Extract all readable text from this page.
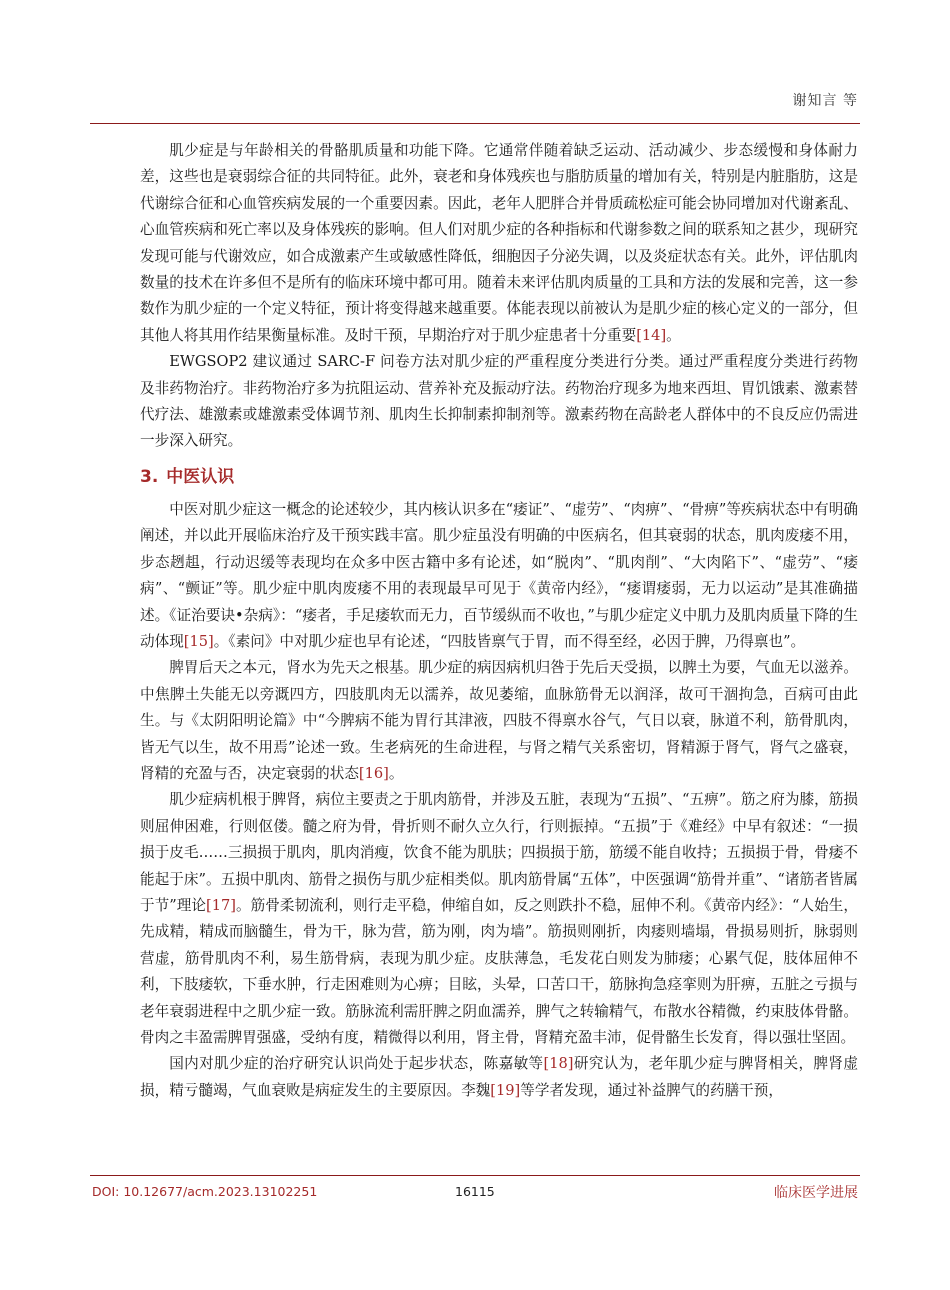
谢知言 等

肌少症是与年龄相关的骨骼肌质量和功能下降。它通常伴随着缺乏运动、活动减少、步态缓慢和身体耐力差，这些也是衰弱综合征的共同特征。此外，衰老和身体残疾也与脂肪质量的增加有关，特别是内脏脂肪，这是代谢综合征和心血管疾病发展的一个重要因素。因此，老年人肥胖合并骨质疏松症可能会协同增加对代谢紊乱、心血管疾病和死亡率以及身体残疾的影响。但人们对肌少症的各种指标和代谢参数之间的联系知之甚少，现研究发现可能与代谢效应，如合成激素产生或敏感性降低，细胞因子分泌失调，以及炎症状态有关。此外，评估肌肉数量的技术在许多但不是所有的临床环境中都可用。随着未来评估肌肉质量的工具和方法的发展和完善，这一参数作为肌少症的一个定义特征，预计将变得越来越重要。体能表现以前被认为是肌少症的核心定义的一部分，但其他人将其用作结果衡量标准。及时干预，早期治疗对于肌少症患者十分重要[14]。

EWGSOP2 建议通过 SARC-F 问卷方法对肌少症的严重程度分类进行分类。通过严重程度分类进行药物及非药物治疗。非药物治疗多为抗阻运动、营养补充及振动疗法。药物治疗现多为地来西坦、胃饥饿素、激素替代疗法、雄激素或雄激素受体调节剂、肌肉生长抑制素抑制剂等。激素药物在高龄老人群体中的不良反应仍需进一步深入研究。

3. 中医认识

中医对肌少症这一概念的论述较少，其内核认识多在“痿证”、“虚劳”、“肉痹”、“骨痹”等疾病状态中有明确阐述，并以此开展临床治疗及干预实践丰富。肌少症虽没有明确的中医病名，但其衰弱的状态，肌肉废痿不用，步态趔趄，行动迟缓等表现均在众多中医古籍中多有论述，如“脱肉”、“肌肉削”、“大肉陷下”、“虚劳”、“痿病”、“颤证”等。肌少症中肌肉废痿不用的表现最早可见于《黄帝内经》，“痿谓痿弱，无力以运动”是其准确描述。《证治要诀•杂病》：“痿者，手足痿软而无力，百节缓纵而不收也，”与肌少症定义中肌力及肌肉质量下降的生动体现[15]。《素问》中对肌少症也早有论述，“四肢皆禀气于胃，而不得至经，必因于脾，乃得禀也”。

脾胃后天之本元，肾水为先天之根基。肌少症的病因病机归咎于先后天受损，以脾土为要，气血无以滋养。中焦脾土失能无以旁溉四方，四肢肌肉无以濡养，故见萎缩，血脉筋骨无以润泽，故可干涸拘急，百病可由此生。与《太阴阳明论篇》中“今脾病不能为胃行其津液，四肢不得禀水谷气，气日以衰，脉道不利，筋骨肌肉，皆无气以生，故不用焉”论述一致。生老病死的生命进程，与肾之精气关系密切，肾精源于肾气，肾气之盛衰，肾精的充盈与否，决定衰弱的状态[16]。

肌少症病机根于脾肾，病位主要责之于肌肉筋骨，并涉及五脏，表现为“五损”、“五痹”。筋之府为膝，筋损则屈伸困难，行则伛偻。髓之府为骨，骨折则不耐久立久行，行则振掉。“五损”于《难经》中早有叙述：“一损损于皮毛……三损损于肌肉，肌肉消瘦，饮食不能为肌肤；四损损于筋，筋缓不能自收持；五损损于骨，骨痿不能起于床”。五损中肌肉、筋骨之损伤与肌少症相类似。肌肉筋骨属“五体”，中医强调“筋骨并重”、“诸筋者皆属于节”理论[17]。筋骨柔韧流利，则行走平稳，伸缩自如，反之则跌扑不稳，屈伸不利。《黄帝内经》：“人始生，先成精，精成而脑髓生，骨为干，脉为营，筋为刚，肉为墙”。筋损则刚折，肉痿则墙塌，骨损易则折，脉弱则营虚，筋骨肌肉不利，易生筋骨病，表现为肌少症。皮肤薄急，毛发花白则发为肺痿；心累气促，肢体屈伸不利，下肢痿软，下垂水肿，行走困难则为心痹；目眩，头晕，口苦口干，筋脉拘急痉挛则为肝痹，五脏之亏损与老年衰弱进程中之肌少症一致。筋脉流利需肝脾之阴血濡养，脾气之转输精气，布散水谷精微，约束肢体骨骼。骨肉之丰盈需脾胃强盛，受纳有度，精微得以利用，肾主骨，肾精充盈丰沛，促骨骼生长发育，得以强壮坚固。

国内对肌少症的治疗研究认识尚处于起步状态，陈嘉敏等[18]研究认为，老年肌少症与脾肾相关，脾肾虚损，精亏髓竭，气血衰败是病症发生的主要原因。李魏[19]等学者发现，通过补益脾气的药膳干预，

DOI: 10.12677/acm.2023.13102251	16115	临床医学进展
